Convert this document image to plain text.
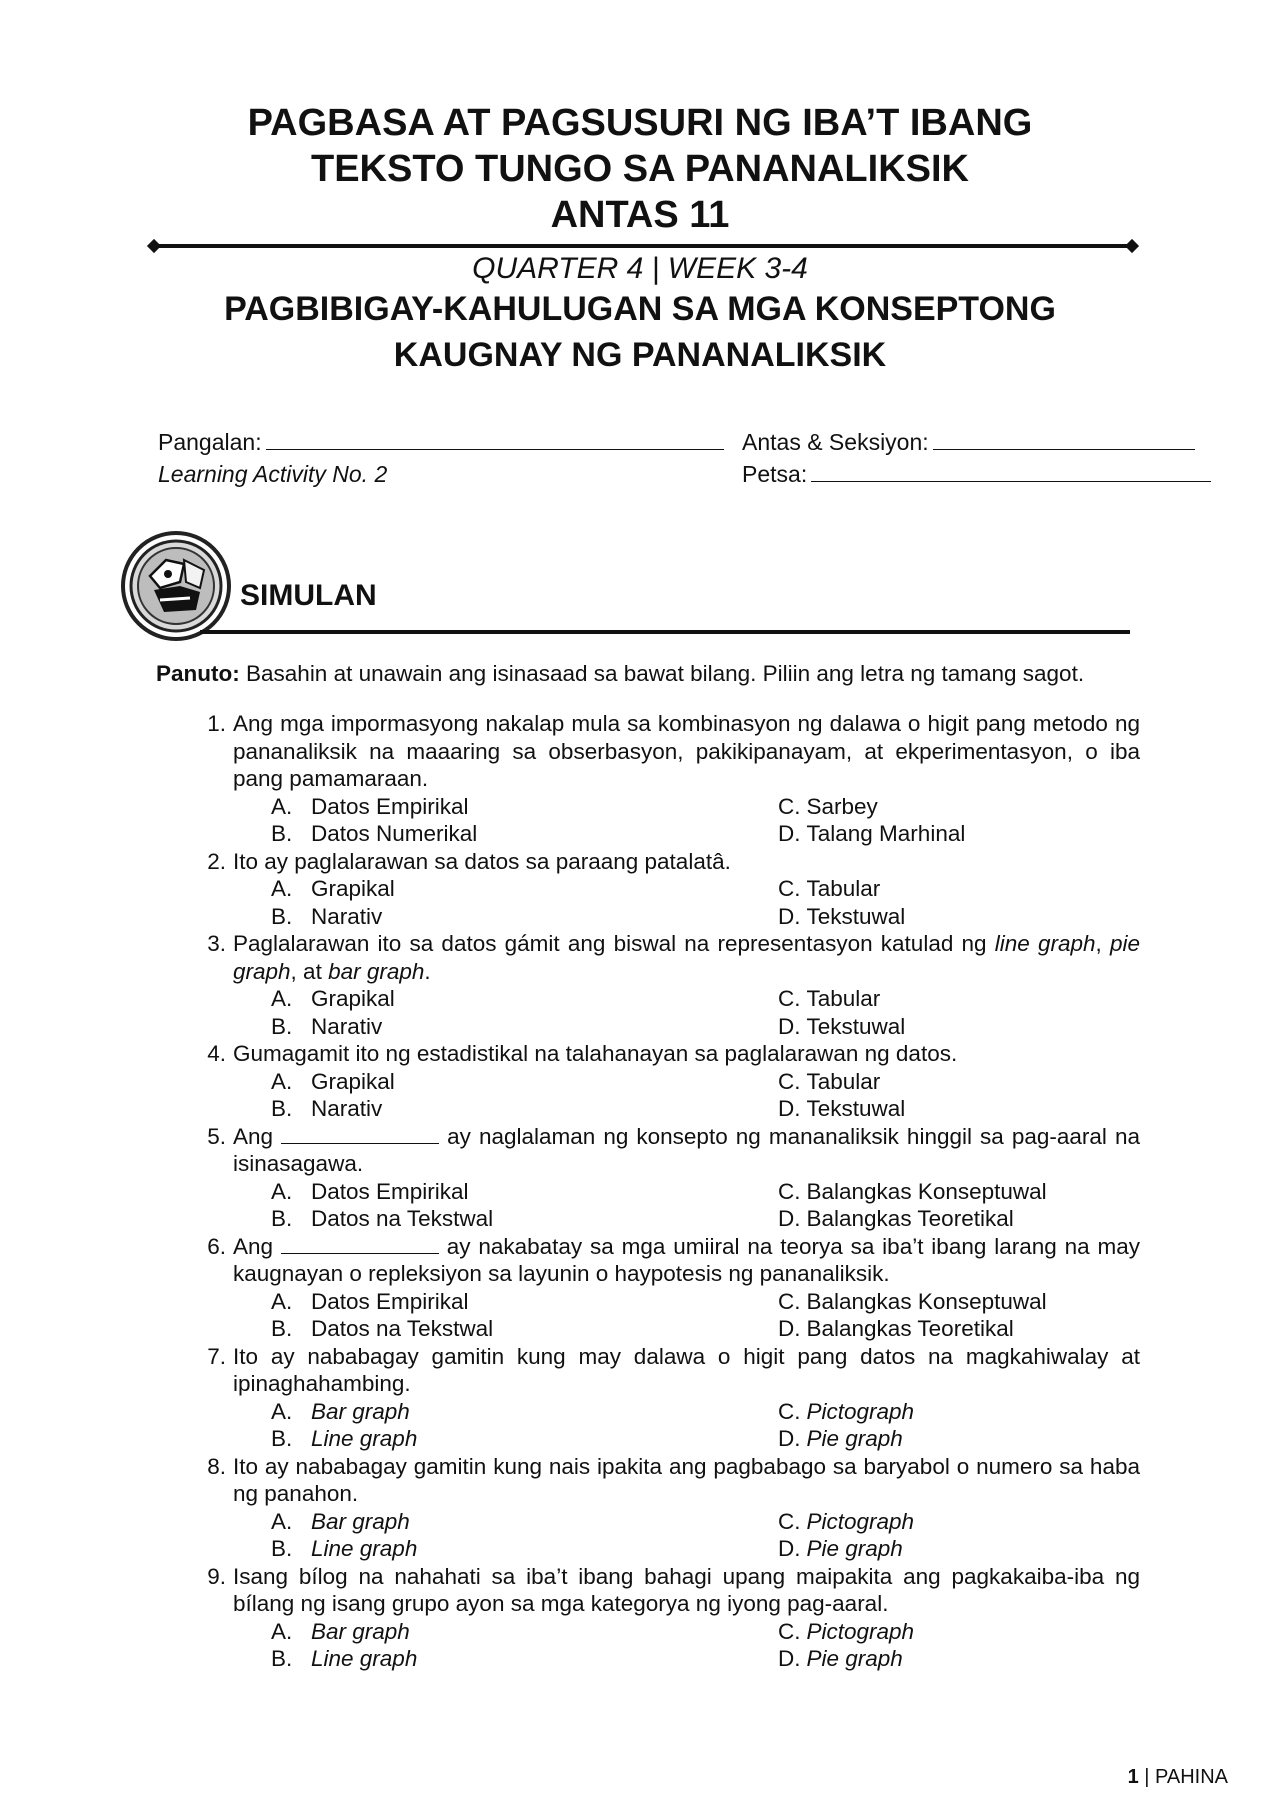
PAGBASA AT PAGSUSURI NG IBA’T IBANG
TEKSTO TUNGO SA PANANALIKSIK
ANTAS 11
QUARTER 4 | WEEK 3-4
PAGBIBIGAY-KAHULUGAN SA MGA KONSEPTONG
KAUGNAY NG PANANALIKSIK
Pangalan:	Antas & Seksiyon:
Learning Activity No. 2	Petsa:
SIMULAN
Panuto: Basahin at unawain ang isinasaad sa bawat bilang. Piliin ang letra ng tamang sagot.
1. Ang mga impormasyong nakalap mula sa kombinasyon ng dalawa o higit pang metodo ng pananaliksik na maaaring sa obserbasyon, pakikipanayam, at ekperimentasyon, o iba pang pamamaraan.
A. Datos Empirikal	C. Sarbey
B. Datos Numerikal	D. Talang Marhinal
2. Ito ay paglalarawan sa datos sa paraang patalatâ.
A. Grapikal	C. Tabular
B. Narativ	D. Tekstuwal
3. Paglalarawan ito sa datos gámit ang biswal na representasyon katulad ng line graph, pie graph, at bar graph.
A. Grapikal	C. Tabular
B. Narativ	D. Tekstuwal
4. Gumagamit ito ng estadistikal na talahanayan sa paglalarawan ng datos.
A. Grapikal	C. Tabular
B. Narativ	D. Tekstuwal
5. Ang	ay naglalaman ng konsepto ng mananaliksik hinggil sa pag-aaral na isinasagawa.
A. Datos Empirikal	C. Balangkas Konseptuwal
B. Datos na Tekstwal	D. Balangkas Teoretikal
6. Ang	ay nakabatay sa mga umiiral na teorya sa iba’t ibang larang na may kaugnayan o repleksiyon sa layunin o haypotesis ng pananaliksik.
A. Datos Empirikal	C. Balangkas Konseptuwal
B. Datos na Tekstwal	D. Balangkas Teoretikal
7. Ito ay nababagay gamitin kung may dalawa o higit pang datos na magkahiwalay at ipinaghahambing.
A. Bar graph	C. Pictograph
B. Line graph	D. Pie graph
8. Ito ay nababagay gamitin kung nais ipakita ang pagbabago sa baryabol o numero sa haba ng panahon.
A. Bar graph	C. Pictograph
B. Line graph	D. Pie graph
9. Isang bílog na nahahati sa iba’t ibang bahagi upang maipakita ang pagkakaiba-iba ng bílang ng isang grupo ayon sa mga kategorya ng iyong pag-aaral.
A. Bar graph	C. Pictograph
B. Line graph	D. Pie graph
1 | PAHINA
